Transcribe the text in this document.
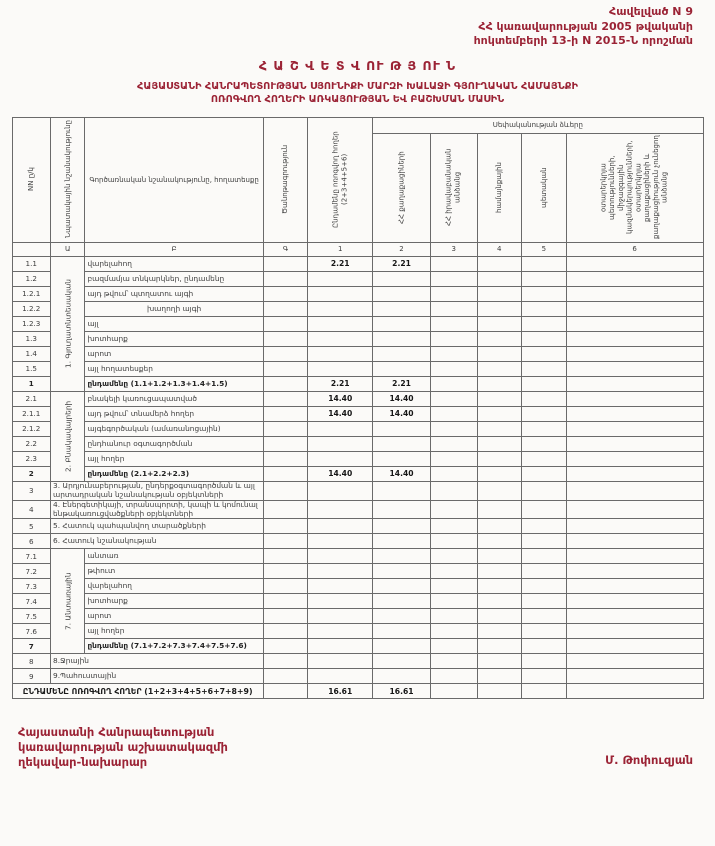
Հավելված N 9
ՀՀ կառավարության 2005 թվականի
հոկտեմբերի 13-ի N 2015-Ն որոշման
Հ Ա Շ Վ Ե Տ Վ ՈՒ Թ Յ ՈՒ Ն
ՀԱՅԱՍՏԱՆԻ ՀԱՆՐԱՊԵՏՈՒԹՅԱՆ ՍՅՈՒՆԻՔԻ ՄԱՐԶԻ ԽԱԼԱՋԻ ԳՅՈՒՂԱԿԱՆ ՀԱՄԱՅՆՔԻ
ՈՌՈԳՎՈՂ ՀՈՂԵՐԻ ԱՌԿԱՅՈՒԹՅԱՆ ԵՎ ԲԱՇԽՄԱՆ ՄԱՍԻՆ
NN ը/կ	Նպատակային նշանակությունը	Գործառնական նշանակությունը, հողատեսքը	Ծանոթագրություն	Ընդամենը ոռոգվող հողեր (2+3+4+5+6)	Սեփականության ձևերը				
					ՀՀ քաղաքացիների	ՀՀ իրավաբանական անձանց	համայնքային	պետական	օտարերկրյա պետությունների, միջազգային կազմակերպությունների, օտարերկրյա քաղաքացիների և քաղաքացիություն չունեցող անձանց
	Ա	Բ	Գ	1	2	3	4	5	6
1.1	1. Գյուղատնտեսական	վարելահող		2.21	2.21				
1.2		բազմամյա տնկարկներ, ընդամենը							
1.2.1		այդ թվում՝ պտղատու այգի							
1.2.2		խաղողի այգի							
1.2.3		այլ							
1.3		խոտհարք							
1.4		արոտ							
1.5		այլ հողատեսքեր							
1		ընդամենը (1.1+1.2+1.3+1.4+1.5)		2.21	2.21				
2.1	2. Բնակավայրերի	բնակելի կառուցապատված		14.40	14.40				
2.1.1		այդ թվում՝ տնամերձ հողեր		14.40	14.40				
2.1.2		այգեգործական (ամառանոցային)							
2.2		ընդհանուր օգտագործման							
2.3		այլ հողեր							
2		ընդամենը (2.1+2.2+2.3)		14.40	14.40				
3	3. Արդյունաբերության, ընդերքօգտագործման և այլ արտադրական նշանակության օբյեկտների								
4	4. Էներգետիկայի, տրանսպորտի, կապի և կոմունալ ենթակառուցվածքների օբյեկտների								
5	5. Հատուկ պահպանվող տարածքների								
6	6. Հատուկ նշանակության								
7.1	7. Անտառային	անտառ							
7.2		թփուտ							
7.3		վարելահող							
7.4		խոտհարք							
7.5		արոտ							
7.6		այլ հողեր							
7		ընդամենը (7.1+7.2+7.3+7.4+7.5+7.6)							
8	8.Ջրային								
9	9.Պահուստային								
ԸՆԴԱՄԵՆԸ ՈՌՈԳՎՈՂ ՀՈՂԵՐ (1+2+3+4+5+6+7+8+9)				16.61	16.61				
Հայաստանի Հանրապետության
կառավարության աշխատակազմի
ղեկավար-նախարար	Մ. Թոփուզյան
